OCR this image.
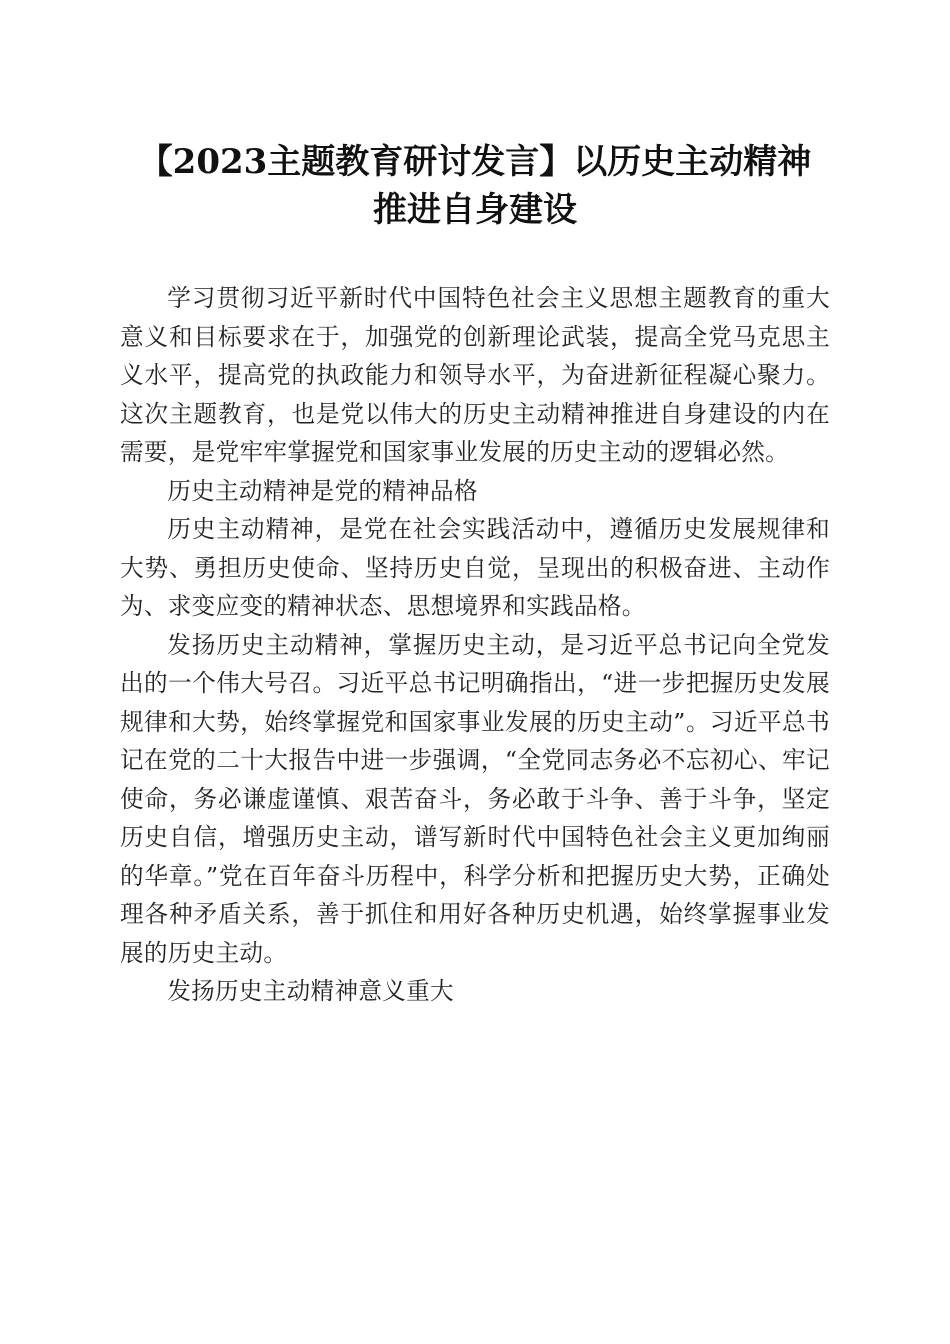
【2023主题教育研讨发言】以历史主动精神
推进自身建设

学习贯彻习近平新时代中国特色社会主义思想主题教育的重大意义和目标要求在于，加强党的创新理论武装，提高全党马克思主义水平，提高党的执政能力和领导水平，为奋进新征程凝心聚力。这次主题教育，也是党以伟大的历史主动精神推进自身建设的内在需要，是党牢牢掌握党和国家事业发展的历史主动的逻辑必然。

历史主动精神是党的精神品格

历史主动精神，是党在社会实践活动中，遵循历史发展规律和大势、勇担历史使命、坚持历史自觉，呈现出的积极奋进、主动作为、求变应变的精神状态、思想境界和实践品格。

发扬历史主动精神，掌握历史主动，是习近平总书记向全党发出的一个伟大号召。习近平总书记明确指出，“进一步把握历史发展规律和大势，始终掌握党和国家事业发展的历史主动”。习近平总书记在党的二十大报告中进一步强调，“全党同志务必不忘初心、牢记使命，务必谦虚谨慎、艰苦奋斗，务必敢于斗争、善于斗争，坚定历史自信，增强历史主动，谱写新时代中国特色社会主义更加绚丽的华章。”党在百年奋斗历程中，科学分析和把握历史大势，正确处理各种矛盾关系，善于抓住和用好各种历史机遇，始终掌握事业发展的历史主动。

发扬历史主动精神意义重大
